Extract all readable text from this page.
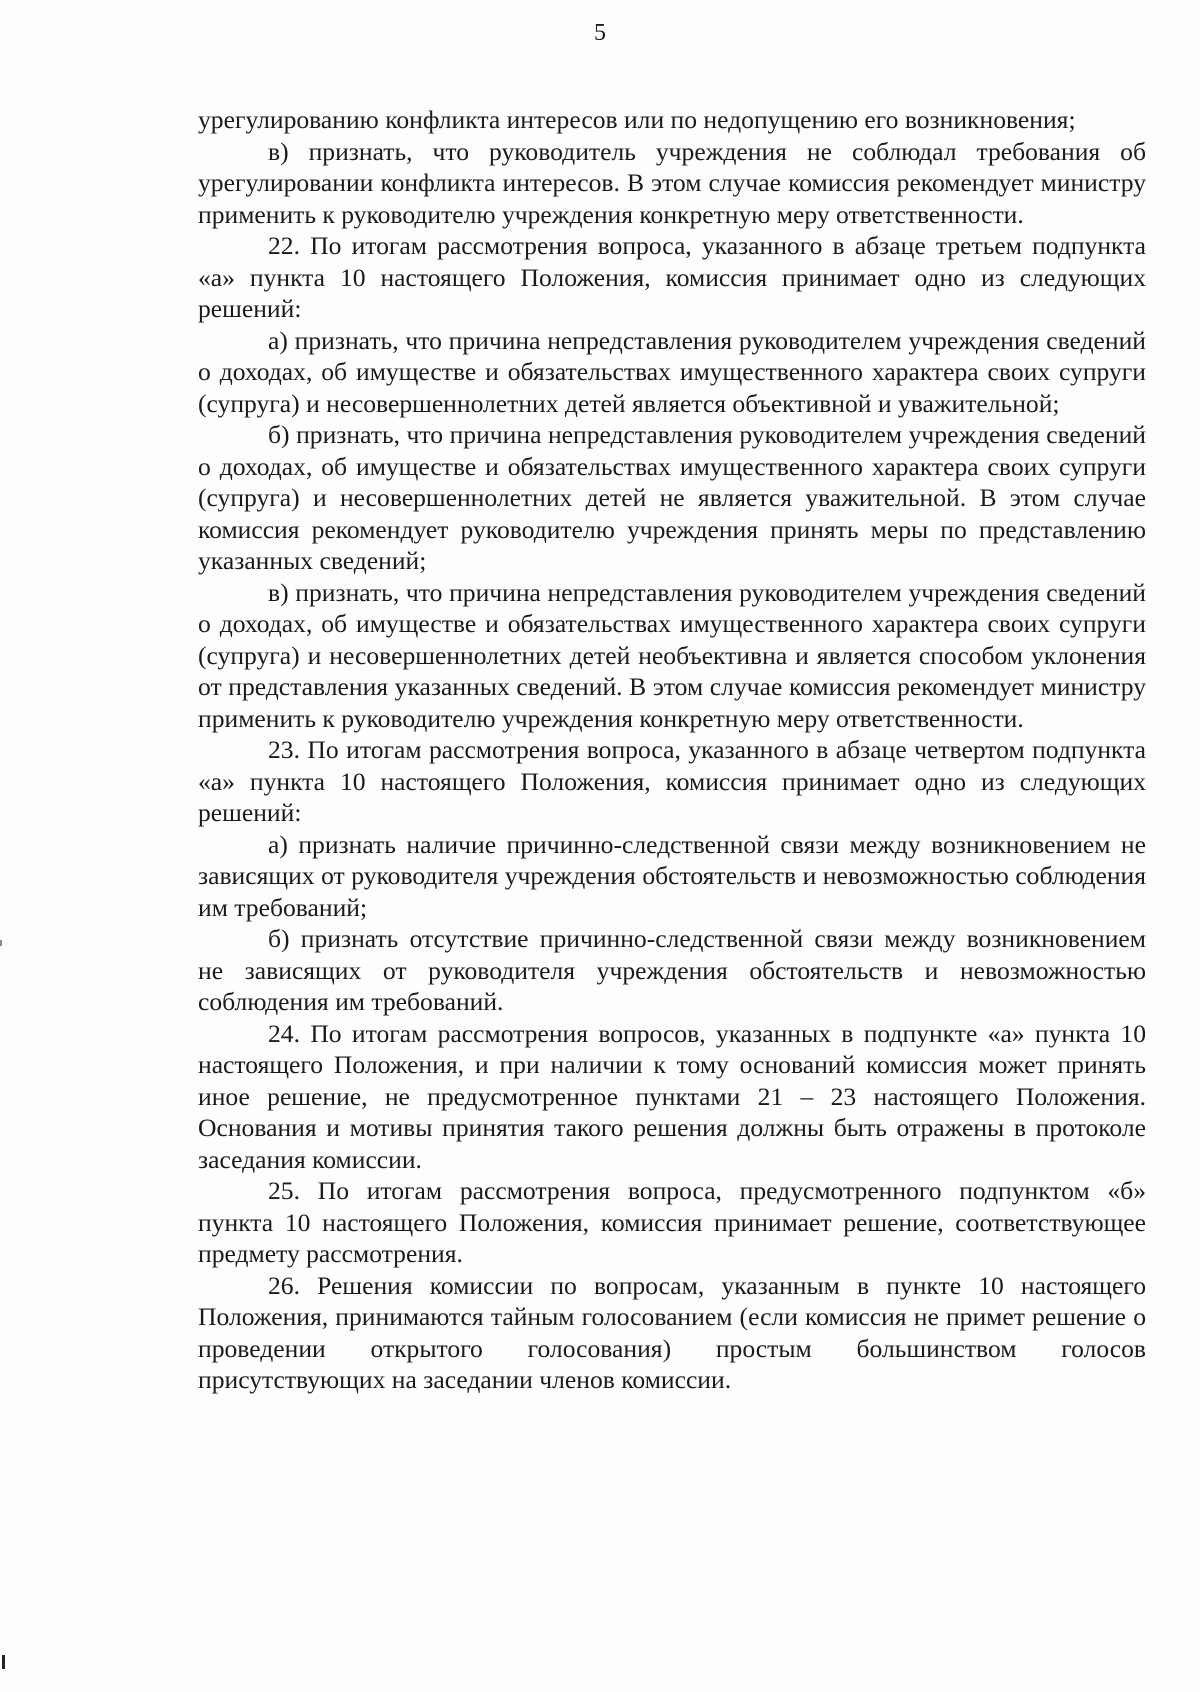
5

урегулированию конфликта интересов или по недопущению его возникновения;

в) признать, что руководитель учреждения не соблюдал требования об урегулировании конфликта интересов. В этом случае комиссия рекомендует министру применить к руководителю учреждения конкретную меру ответственности.

22. По итогам рассмотрения вопроса, указанного в абзаце третьем подпункта «а» пункта 10 настоящего Положения, комиссия принимает одно из следующих решений:

а) признать, что причина непредставления руководителем учреждения сведений о доходах, об имуществе и обязательствах имущественного характера своих супруги (супруга) и несовершеннолетних детей является объективной и уважительной;

б) признать, что причина непредставления руководителем учреждения сведений о доходах, об имуществе и обязательствах имущественного характера своих супруги (супруга) и несовершеннолетних детей не является уважительной. В этом случае комиссия рекомендует руководителю учреждения принять меры по представлению указанных сведений;

в) признать, что причина непредставления руководителем учреждения сведений о доходах, об имуществе и обязательствах имущественного характера своих супруги (супруга) и несовершеннолетних детей необъективна и является способом уклонения от представления указанных сведений. В этом случае комиссия рекомендует министру применить к руководителю учреждения конкретную меру ответственности.

23. По итогам рассмотрения вопроса, указанного в абзаце четвертом подпункта «а» пункта 10 настоящего Положения, комиссия принимает одно из следующих решений:

а) признать наличие причинно-следственной связи между возникновением не зависящих от руководителя учреждения обстоятельств и невозможностью соблюдения им требований;

б) признать отсутствие причинно-следственной связи между возникновением не зависящих от руководителя учреждения обстоятельств и невозможностью соблюдения им требований.

24. По итогам рассмотрения вопросов, указанных в подпункте «а» пункта 10 настоящего Положения, и при наличии к тому оснований комиссия может принять иное решение, не предусмотренное пунктами 21 – 23 настоящего Положения. Основания и мотивы принятия такого решения должны быть отражены в протоколе заседания комиссии.

25. По итогам рассмотрения вопроса, предусмотренного подпунктом «б» пункта 10 настоящего Положения, комиссия принимает решение, соответствующее предмету рассмотрения.

26. Решения комиссии по вопросам, указанным в пункте 10 настоящего Положения, принимаются тайным голосованием (если комиссия не примет решение о проведении открытого голосования) простым большинством голосов присутствующих на заседании членов комиссии.
